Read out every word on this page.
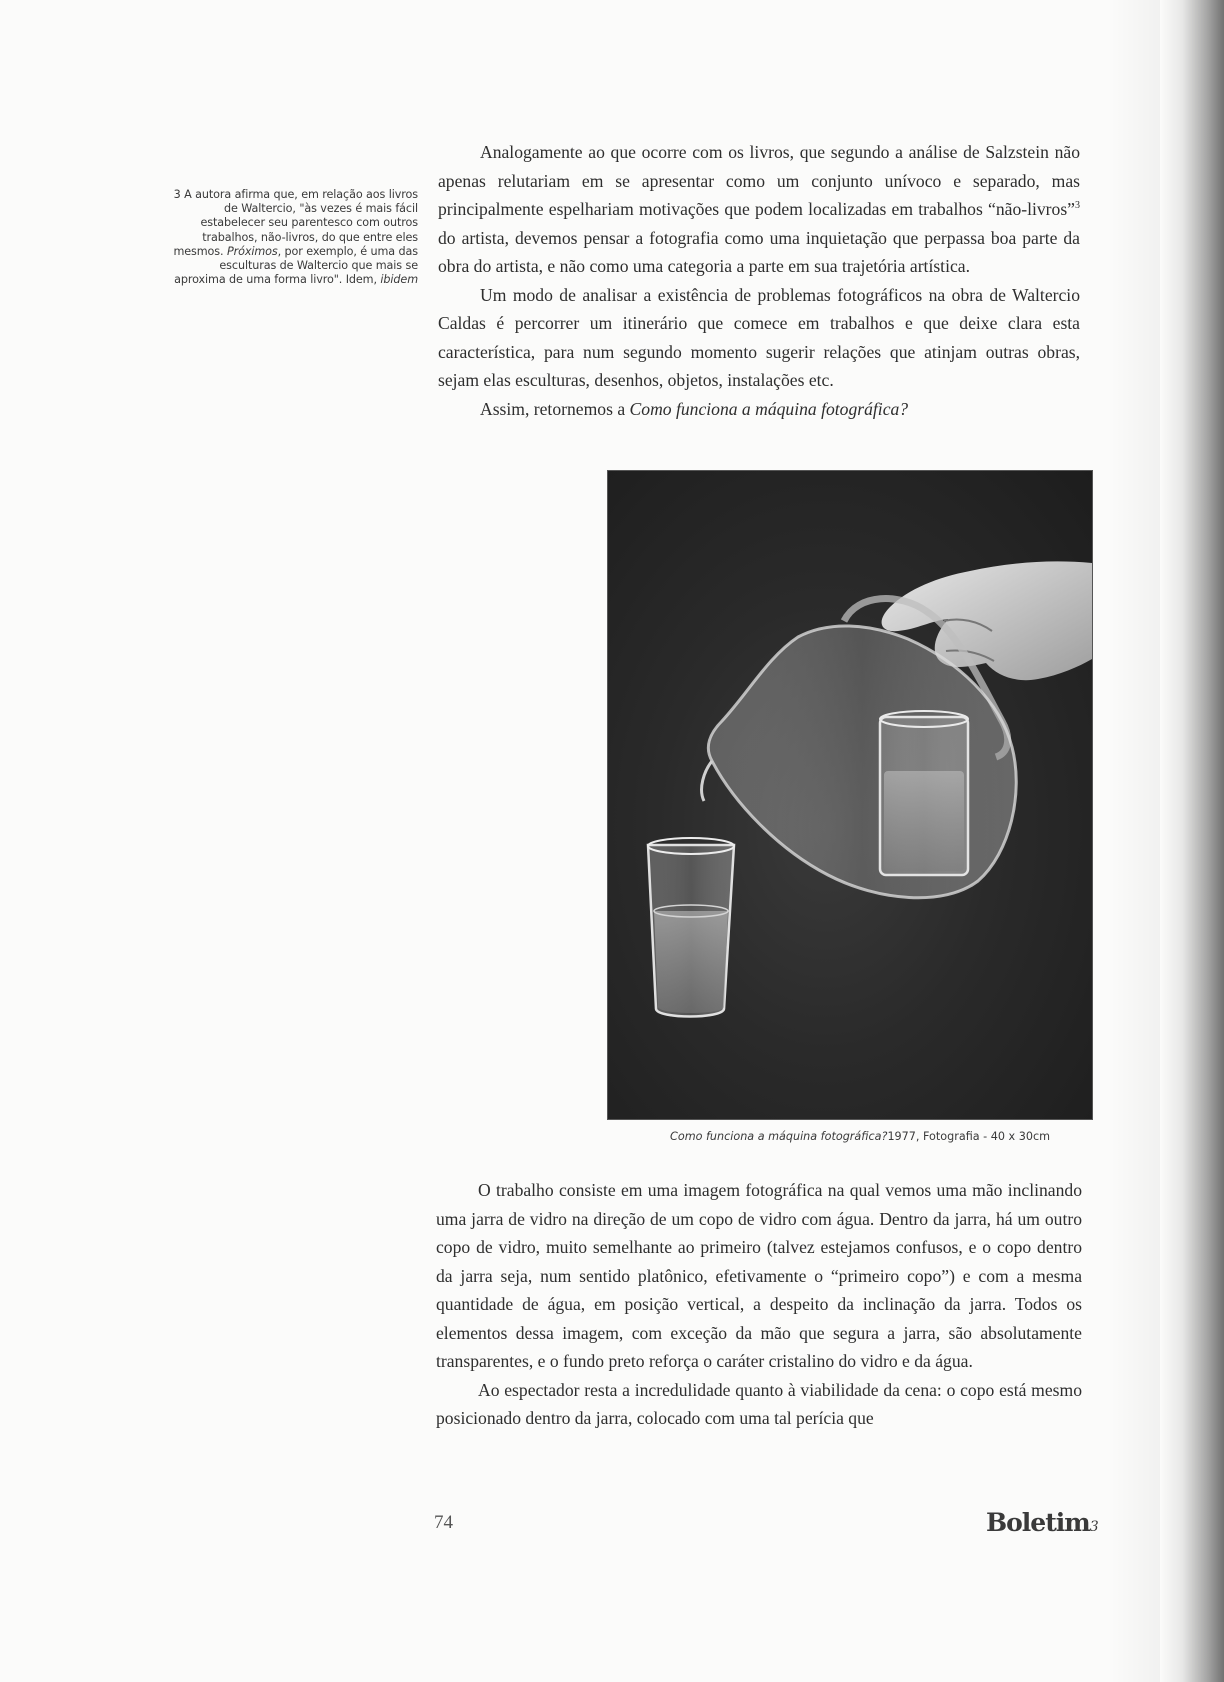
3 A autora afirma que, em relação aos livros de Waltercio, "às vezes é mais fácil estabelecer seu parentesco com outros trabalhos, não-livros, do que entre eles mesmos. Próximos, por exemplo, é uma das esculturas de Waltercio que mais se aproxima de uma forma livro". Idem, ibidem

Analogamente ao que ocorre com os livros, que segundo a análise de Salzstein não apenas relutariam em se apresentar como um conjunto unívoco e separado, mas principalmente espelhariam motivações que podem localizadas em trabalhos “não-livros”$^3$ do artista, devemos pensar a fotografia como uma inquietação que perpassa boa parte da obra do artista, e não como uma categoria a parte em sua trajetória artística.

Um modo de analisar a existência de problemas fotográficos na obra de Waltercio Caldas é percorrer um itinerário que comece em trabalhos e que deixe clara esta característica, para num segundo momento sugerir relações que atinjam outras obras, sejam elas esculturas, desenhos, objetos, instalações etc.

Assim, retornemos a Como funciona a máquina fotográfica?

Como funciona a máquina fotográfica?1977, Fotografia - 40 x 30cm

O trabalho consiste em uma imagem fotográfica na qual vemos uma mão inclinando uma jarra de vidro na direção de um copo de vidro com água. Dentro da jarra, há um outro copo de vidro, muito semelhante ao primeiro (talvez estejamos confusos, e o copo dentro da jarra seja, num sentido platônico, efetivamente o “primeiro copo”) e com a mesma quantidade de água, em posição vertical, a despeito da inclinação da jarra. Todos os elementos dessa imagem, com exceção da mão que segura a jarra, são absolutamente transparentes, e o fundo preto reforça o caráter cristalino do vidro e da água.

Ao espectador resta a incredulidade quanto à viabilidade da cena: o copo está mesmo posicionado dentro da jarra, colocado com uma tal perícia que

74	Boletim3
